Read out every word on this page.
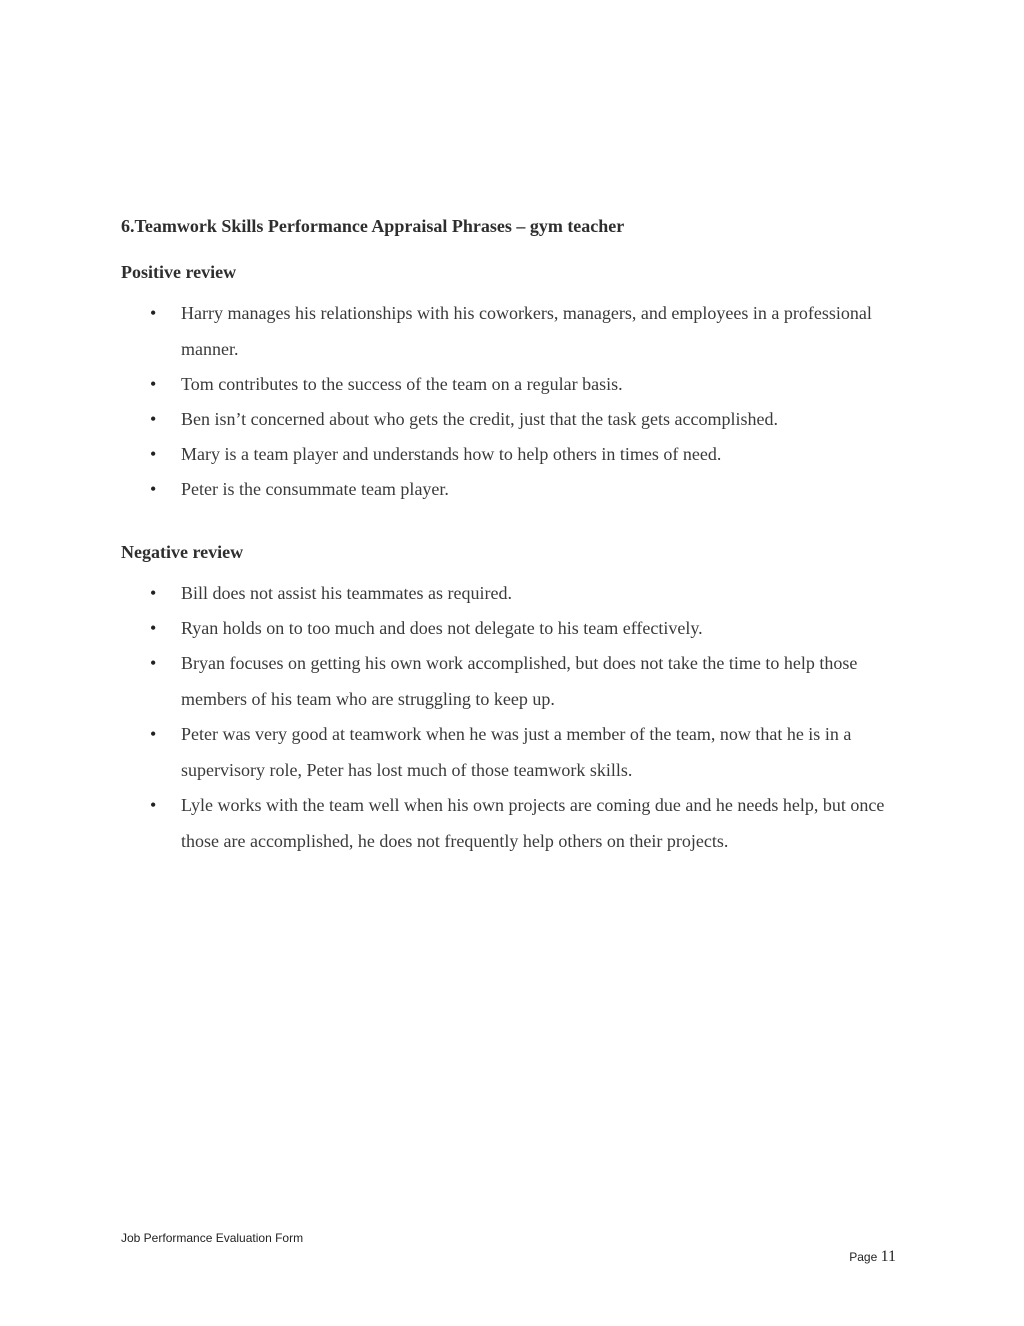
6.Teamwork Skills Performance Appraisal Phrases – gym teacher
Positive review
• Harry manages his relationships with his coworkers, managers, and employees in a professional manner.
• Tom contributes to the success of the team on a regular basis.
• Ben isn’t concerned about who gets the credit, just that the task gets accomplished.
• Mary is a team player and understands how to help others in times of need.
• Peter is the consummate team player.
Negative review
• Bill does not assist his teammates as required.
• Ryan holds on to too much and does not delegate to his team effectively.
• Bryan focuses on getting his own work accomplished, but does not take the time to help those members of his team who are struggling to keep up.
• Peter was very good at teamwork when he was just a member of the team, now that he is in a supervisory role, Peter has lost much of those teamwork skills.
• Lyle works with the team well when his own projects are coming due and he needs help, but once those are accomplished, he does not frequently help others on their projects.
Job Performance Evaluation Form
Page 11
